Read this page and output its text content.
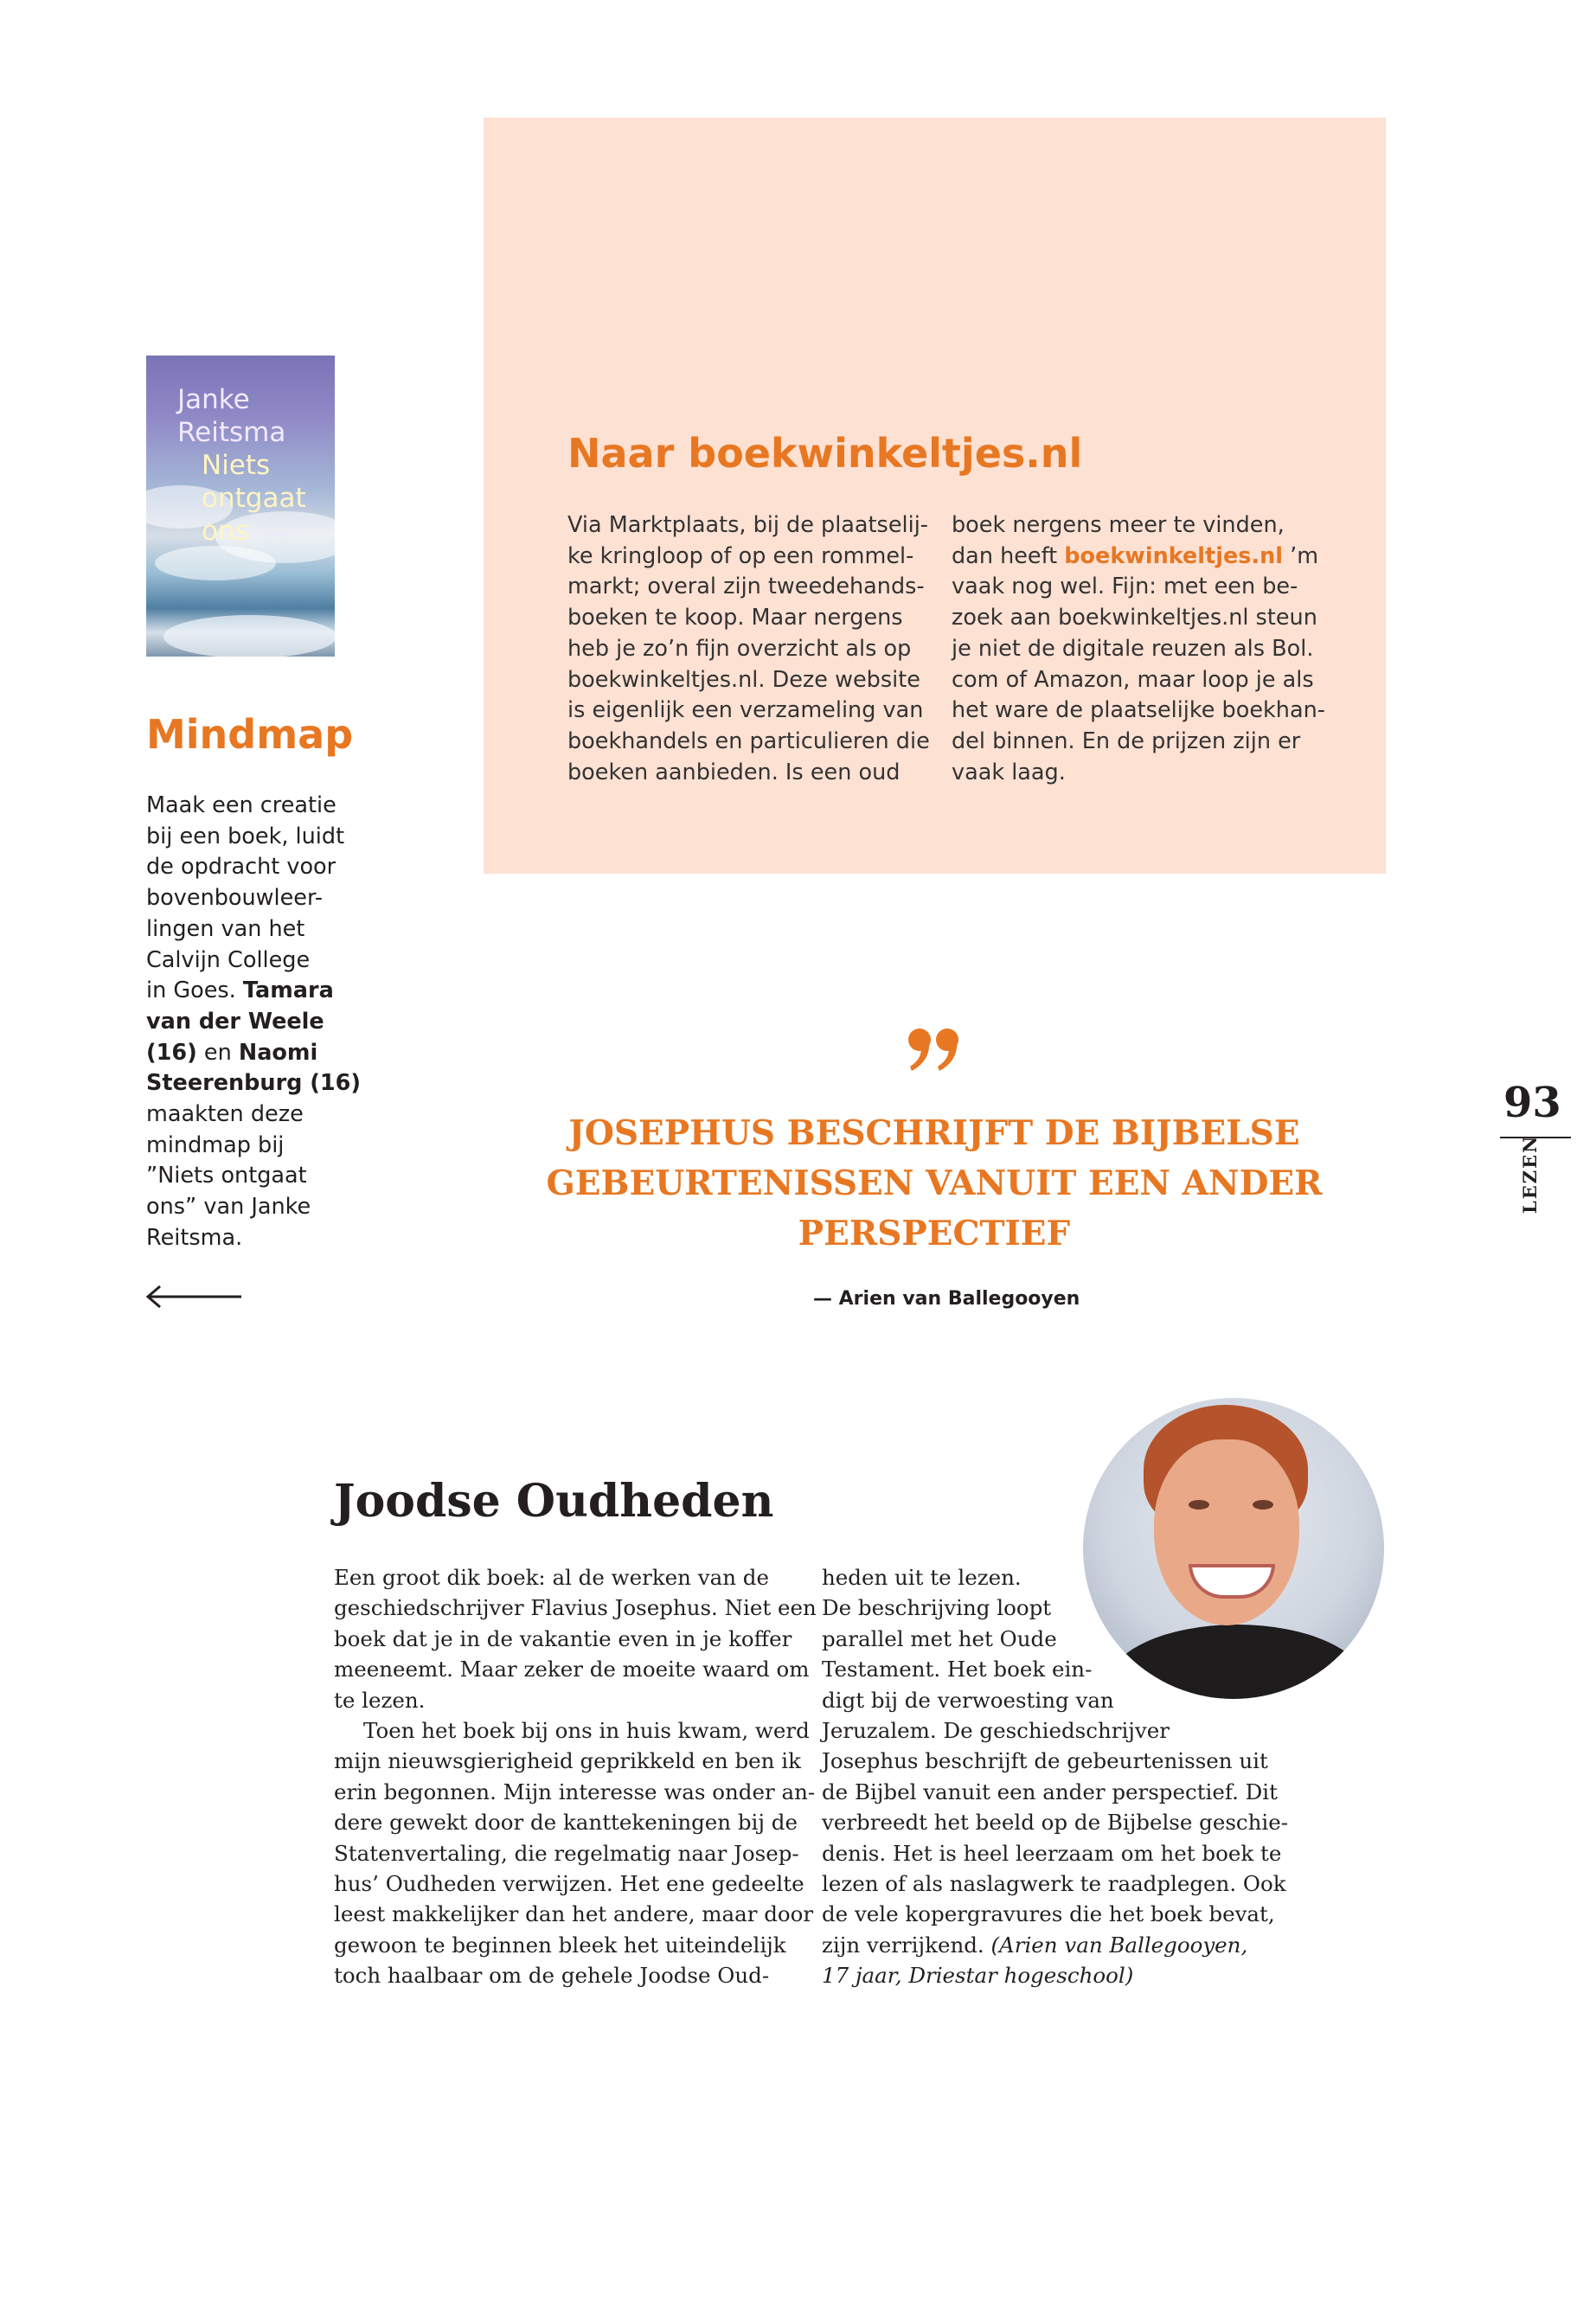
Naar boekwinkeltjes.nl
Via Marktplaats, bij de plaatselij-
ke kringloop of op een rommel-
markt; overal zijn tweedehands-
boeken te koop. Maar nergens
heb je zo’n fijn overzicht als op
boekwinkeltjes.nl. Deze website
is eigenlijk een verzameling van
boekhandels en particulieren die
boeken aanbieden. Is een oud
boek nergens meer te vinden,
dan heeft boekwinkeltjes.nl ’m
vaak nog wel. Fijn: met een be-
zoek aan boekwinkeltjes.nl steun
je niet de digitale reuzen als Bol.
com of Amazon, maar loop je als
het ware de plaatselijke boekhan-
del binnen. En de prijzen zijn er
vaak laag.
Janke
Reitsma
Niets
ontgaat
ons	roman
Mindmap
Maak een creatie
bij een boek, luidt
de opdracht voor
bovenbouwleer-
lingen van het
Calvijn College
in Goes. Tamara
van der Weele
(16) en Naomi
Steerenburg (16)
maakten deze
mindmap bij
”Niets ontgaat
ons” van Janke
Reitsma.
JOSEPHUS BESCHRIJFT DE BIJBELSE
GEBEURTENISSEN VANUIT EEN ANDER
PERSPECTIEF
— Arien van Ballegooyen
93
LEZEN
Joodse Oudheden
Een groot dik boek: al de werken van de
geschiedschrijver Flavius Josephus. Niet een
boek dat je in de vakantie even in je koffer
meeneemt. Maar zeker de moeite waard om
te lezen.
Toen het boek bij ons in huis kwam, werd
mijn nieuwsgierigheid geprikkeld en ben ik
erin begonnen. Mijn interesse was onder an-
dere gewekt door de kanttekeningen bij de
Statenvertaling, die regelmatig naar Josep-
hus’ Oudheden verwijzen. Het ene gedeelte
leest makkelijker dan het andere, maar door
gewoon te beginnen bleek het uiteindelijk
toch haalbaar om de gehele Joodse Oud-
heden uit te lezen.
De beschrijving loopt
parallel met het Oude
Testament. Het boek ein-
digt bij de verwoesting van
Jeruzalem. De geschiedschrijver
Josephus beschrijft de gebeurtenissen uit
de Bijbel vanuit een ander perspectief. Dit
verbreedt het beeld op de Bijbelse geschie-
denis. Het is heel leerzaam om het boek te
lezen of als naslagwerk te raadplegen. Ook
de vele kopergravures die het boek bevat,
zijn verrijkend. (Arien van Ballegooyen,
17 jaar, Driestar hogeschool)
